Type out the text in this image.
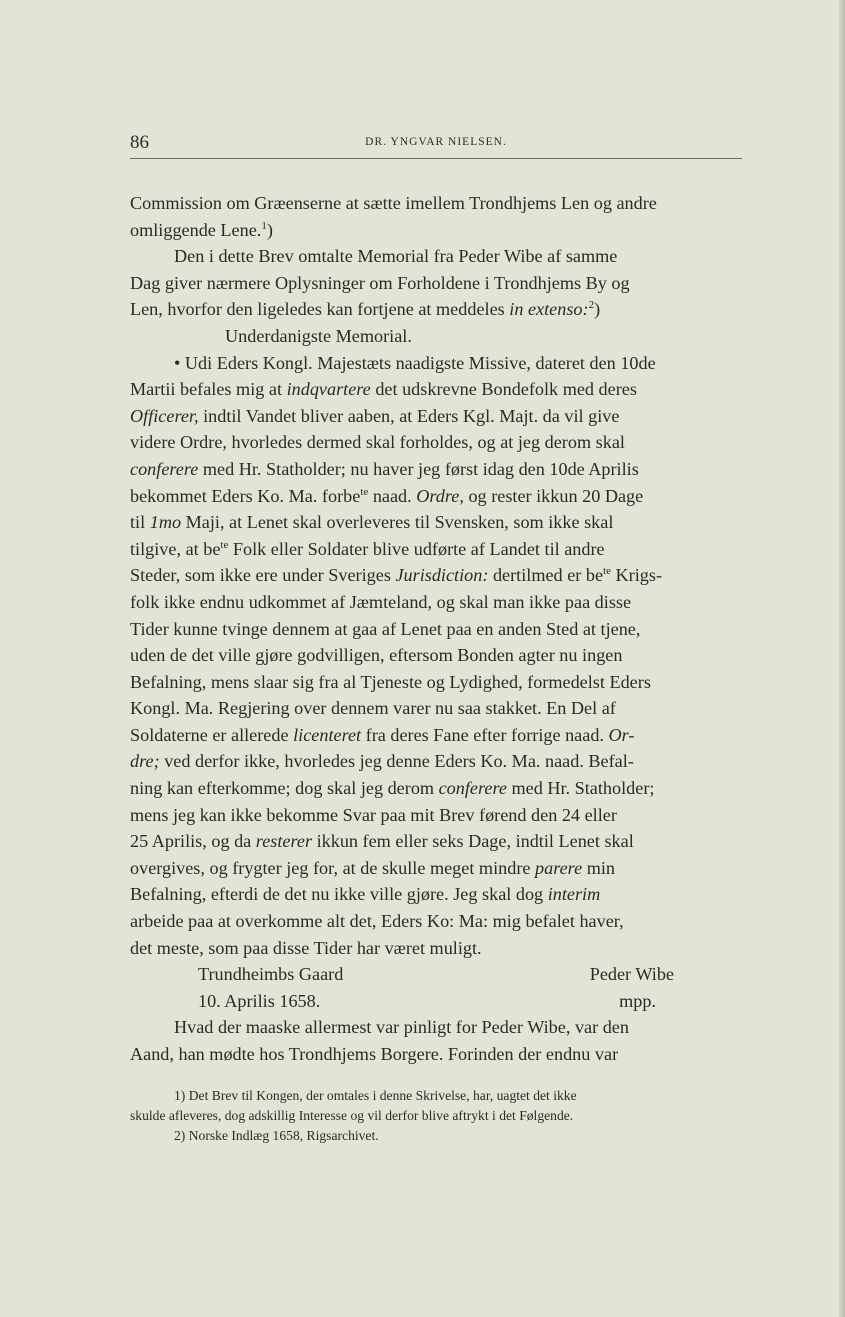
86	DR. YNGVAR NIELSEN.

Commission om Græenserne at sætte imellem Trondhjems Len og andre

omliggende Lene.$^1$)

Den i dette Brev omtalte Memorial fra Peder Wibe af samme

Dag giver nærmere Oplysninger om Forholdene i Trondhjems By og

Len, hvorfor den ligeledes kan fortjene at meddeles in extenso:$^2$)

Underdanigste Memorial.

• Udi Eders Kongl. Majestæts naadigste Missive, dateret den 10de

Martii befales mig at indqvartere det udskrevne Bondefolk med deres

Officerer, indtil Vandet bliver aaben, at Eders Kgl. Majt. da vil give

videre Ordre, hvorledes dermed skal forholdes, og at jeg derom skal

conferere med Hr. Statholder; nu haver jeg først idag den 10de Aprilis

bekommet Eders Ko. Ma. forbe$^{te}$ naad. Ordre, og rester ikkun 20 Dage

til 1mo Maji, at Lenet skal overleveres til Svensken, som ikke skal

tilgive, at $be^{te}$ Folk eller Soldater blive udførte af Landet til andre

Steder, som ikke ere under Sveriges Jurisdiction: dertilmed er $be^{te}$ Krigs-

folk ikke endnu udkommet af Jæmteland, og skal man ikke paa disse

Tider kunne tvinge dennem at gaa af Lenet paa en anden Sted at tjene,

uden de det ville gjøre godvilligen, eftersom Bonden agter nu ingen

Befalning, mens slaar sig fra al Tjeneste og Lydighed, formedelst Eders

Kongl. Ma. Regjering over dennem varer nu saa stakket. En Del af

Soldaterne er allerede licenteret fra deres Fane efter forrige naad. Or-

dre; ved derfor ikke, hvorledes jeg denne Eders Ko. Ma. naad. Befal-

ning kan efterkomme; dog skal jeg derom conferere med Hr. Statholder;

mens jeg kan ikke bekomme Svar paa mit Brev førend den 24 eller

25 Aprilis, og da resterer ikkun fem eller seks Dage, indtil Lenet skal

overgives, og frygter jeg for, at de skulle meget mindre parere min

Befalning, efterdi de det nu ikke ville gjøre. Jeg skal dog interim

arbeide paa at overkomme alt det, Eders Ko: Ma: mig befalet haver,

det meste, som paa disse Tider har været muligt.

Trundheimbs Gaard	Peder Wibe
10. Aprilis 1658.	mpp.

Hvad der maaske allermest var pinligt for Peder Wibe, var den

Aand, han mødte hos Trondhjems Borgere. Forinden der endnu var

1) Det Brev til Kongen, der omtales i denne Skrivelse, har, uagtet det ikke

skulde afleveres, dog adskillig Interesse og vil derfor blive aftrykt i det Følgende.

2) Norske Indlæg 1658, Rigsarchivet.
